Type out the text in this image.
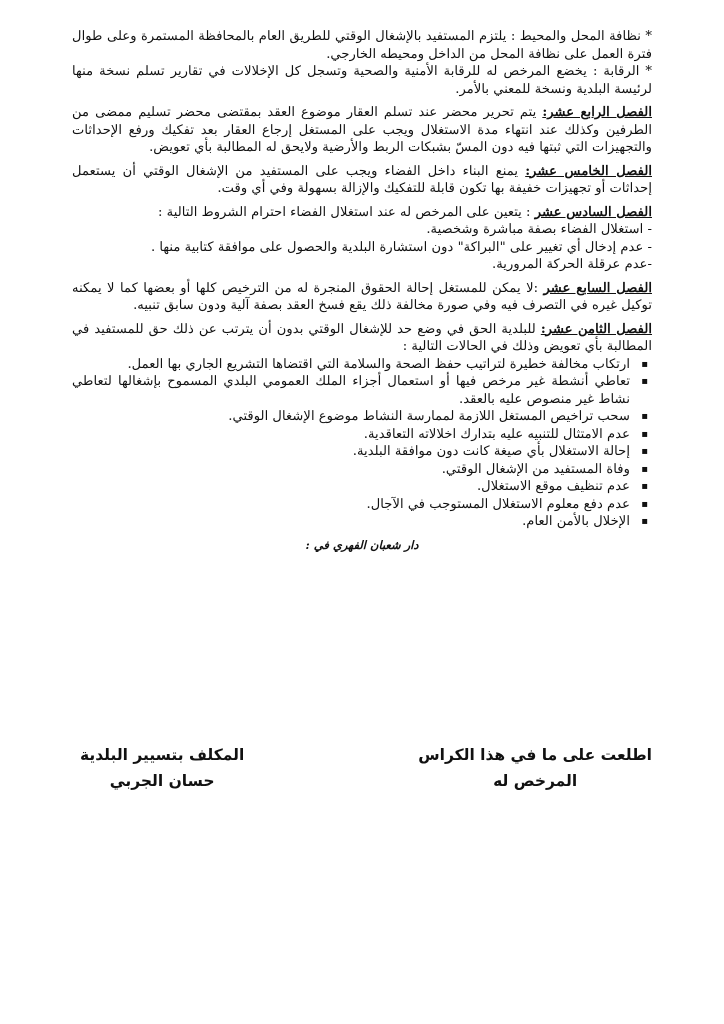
* نظافة المحل والمحيط : يلتزم المستفيد بالإشغال الوقتي للطريق العام بالمحافظة المستمرة وعلى طوال فترة العمل على نظافة المحل من الداخل ومحيطه الخارجي.

* الرقابة : يخضع المرخص له للرقابة الأمنية والصحية وتسجل كل الإخلالات في تقارير تسلم نسخة منها لرئيسة البلدية ونسخة للمعني بالأمر.

الفصل الرابع عشر: يتم تحرير محضر عند تسلم العقار موضوع العقد بمقتضى محضر تسليم ممضى من الطرفين وكذلك عند انتهاء مدة الاستغلال ويجب على المستغل إرجاع العقار بعد تفكيك ورفع الإحداثات والتجهيزات التي ثبتها فيه دون المسّ بشبكات الربط والأرضية ولايحق له المطالبة بأي تعويض.

الفصل الخامس عشر: يمنع البناء داخل الفضاء ويجب على المستفيد من الإشغال الوقتي أن يستعمل إحداثات أو تجهيزات خفيفة بها تكون قابلة للتفكيك والإزالة بسهولة وفي أي وقت.

الفصل السادس عشر : يتعين على المرخص له عند استغلال الفضاء احترام الشروط التالية :

- استغلال الفضاء بصفة مباشرة وشخصية.

- عدم إدخال أي تغيير على "البراكة" دون استشارة البلدية والحصول على موافقة كتابية منها .

-عدم عرقلة الحركة المرورية.

الفصل السابع عشر :لا يمكن للمستغل إحالة الحقوق المنجرة له من الترخيص كلها أو بعضها كما لا يمكنه توكيل غيره في التصرف فيه وفي صورة مخالفة ذلك يقع فسخ العقد بصفة آلية ودون سابق تنبيه.

الفصل الثامن عشر: للبلدية الحق في وضع حد للإشغال الوقتي بدون أن يترتب عن ذلك حق للمستفيد في المطالبة بأي تعويض وذلك في الحالات التالية :

▪ ارتكاب مخالفة خطيرة لتراتيب حفظ الصحة والسلامة التي اقتضاها التشريع الجاري بها العمل.
▪ تعاطي أنشطة غير مرخص فيها أو استعمال أجزاء الملك العمومي البلدي المسموح بإشغالها لتعاطي نشاط غير منصوص عليه بالعقد.
▪ سحب تراخيص المستغل اللازمة لممارسة النشاط موضوع الإشغال الوقتي.
▪ عدم الامتثال للتنبيه عليه بتدارك اخلالاته التعاقدية.
▪ إحالة الاستغلال بأي صيغة كانت دون موافقة البلدية.
▪ وفاة المستفيد من الإشغال الوقتي.
▪ عدم تنظيف موقع الاستغلال.
▪ عدم دفع معلوم الاستغلال المستوجب في الآجال.
▪ الإخلال بالأمن العام.

دار شعبان الفهري في :

اطلعت على ما في هذا الكراس
المرخص له
المكلف بتسيير البلدية
حسان الجربي
